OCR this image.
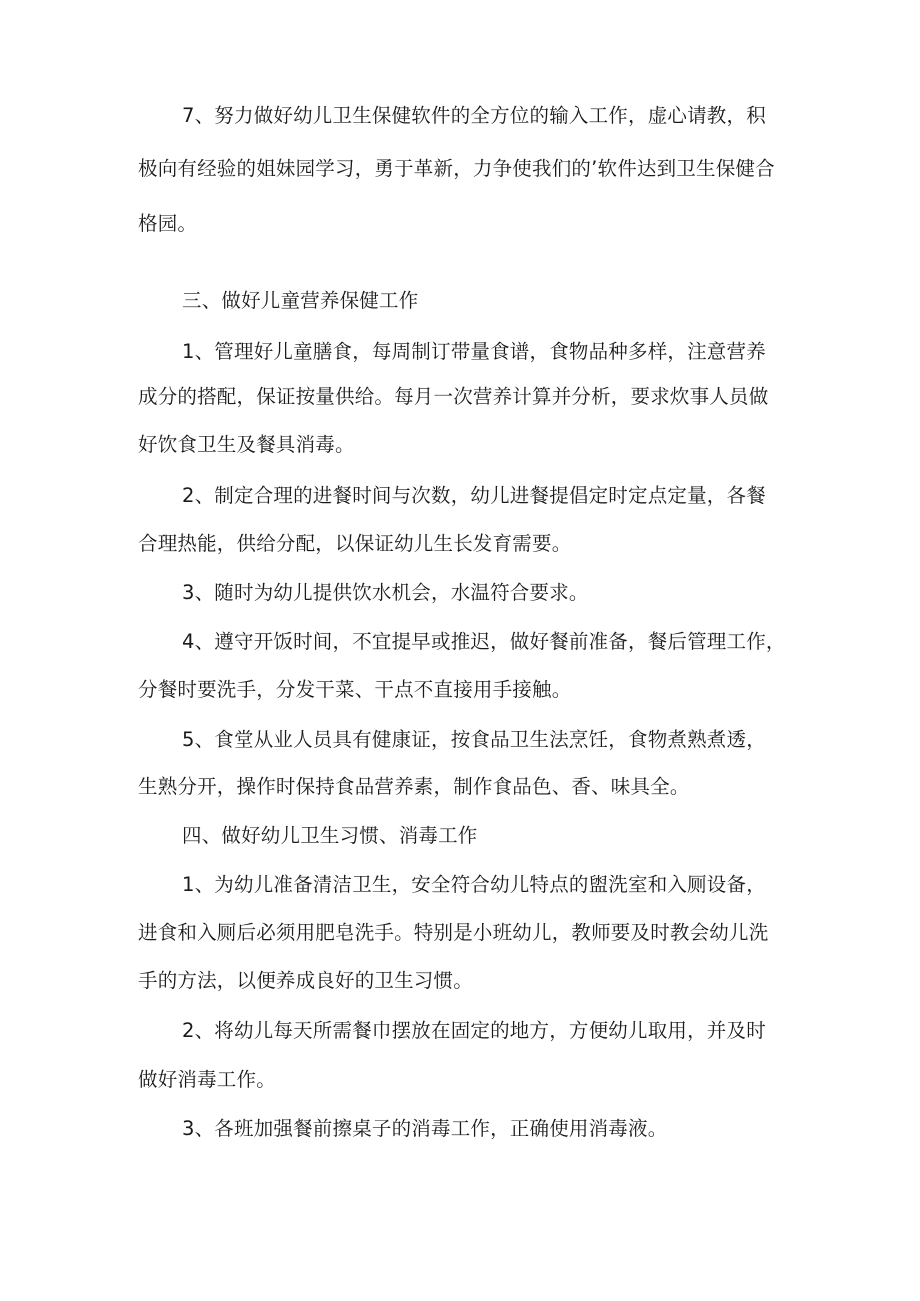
7、努力做好幼儿卫生保健软件的全方位的输入工作，虚心请教，积
极向有经验的姐妹园学习，勇于革新，力争使我们的’软件达到卫生保健合
格园。
三、做好儿童营养保健工作
1、管理好儿童膳食，每周制订带量食谱，食物品种多样，注意营养
成分的搭配，保证按量供给。每月一次营养计算并分析，要求炊事人员做
好饮食卫生及餐具消毒。
2、制定合理的进餐时间与次数，幼儿进餐提倡定时定点定量，各餐
合理热能，供给分配，以保证幼儿生长发育需要。
3、随时为幼儿提供饮水机会，水温符合要求。
4、遵守开饭时间，不宜提早或推迟，做好餐前准备，餐后管理工作，
分餐时要洗手，分发干菜、干点不直接用手接触。
5、食堂从业人员具有健康证，按食品卫生法烹饪，食物煮熟煮透，
生熟分开，操作时保持食品营养素，制作食品色、香、味具全。
四、做好幼儿卫生习惯、消毒工作
1、为幼儿准备清洁卫生，安全符合幼儿特点的盥洗室和入厕设备，
进食和入厕后必须用肥皂洗手。特别是小班幼儿，教师要及时教会幼儿洗
手的方法，以便养成良好的卫生习惯。
2、将幼儿每天所需餐巾摆放在固定的地方，方便幼儿取用，并及时
做好消毒工作。
3、各班加强餐前擦桌子的消毒工作，正确使用消毒液。
